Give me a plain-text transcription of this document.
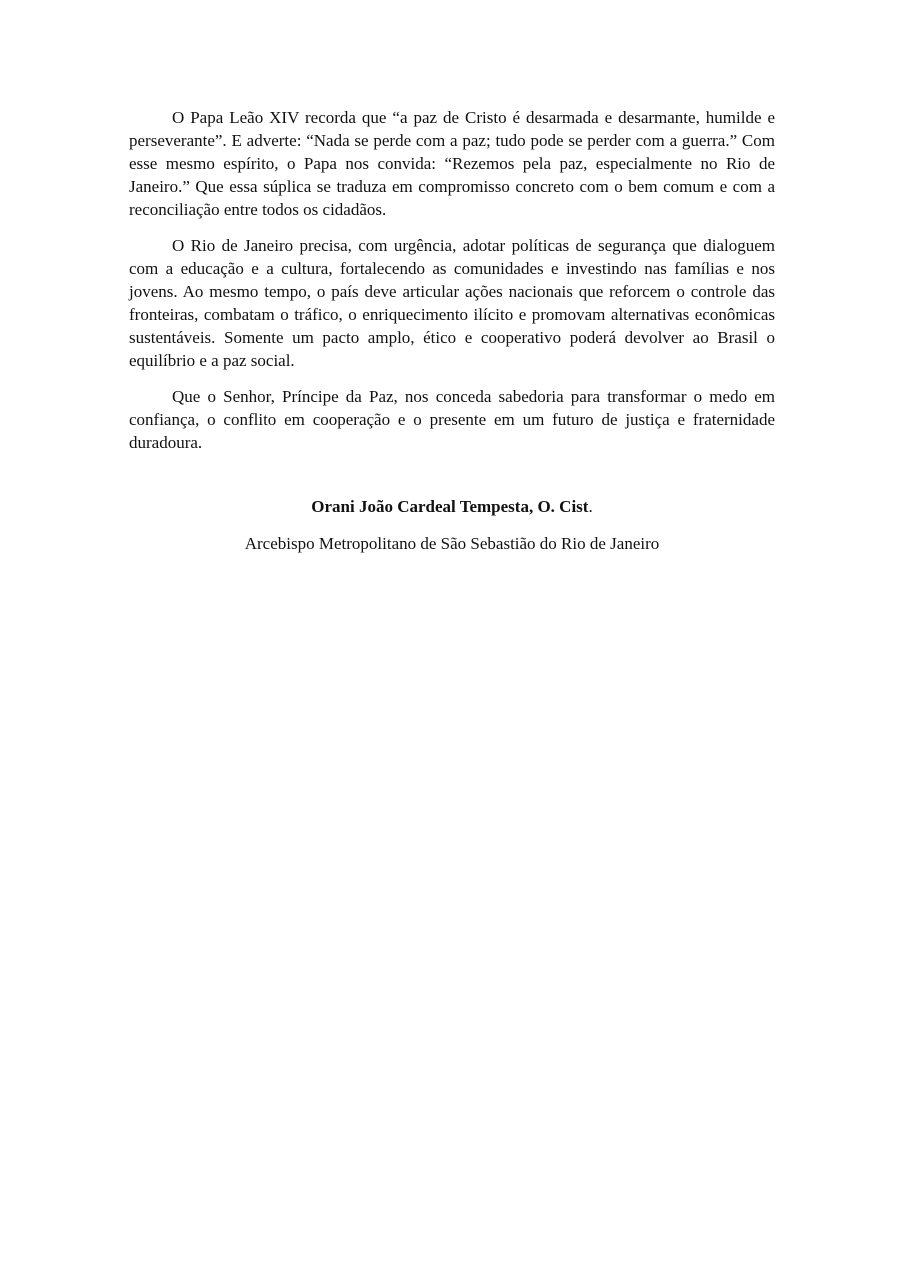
O Papa Leão XIV recorda que “a paz de Cristo é desarmada e desarmante, humilde e perseverante”. E adverte: “Nada se perde com a paz; tudo pode se perder com a guerra.” Com esse mesmo espírito, o Papa nos convida: “Rezemos pela paz, especialmente no Rio de Janeiro.” Que essa súplica se traduza em compromisso concreto com o bem comum e com a reconciliação entre todos os cidadãos.

O Rio de Janeiro precisa, com urgência, adotar políticas de segurança que dialoguem com a educação e a cultura, fortalecendo as comunidades e investindo nas famílias e nos jovens. Ao mesmo tempo, o país deve articular ações nacionais que reforcem o controle das fronteiras, combatam o tráfico, o enriquecimento ilícito e promovam alternativas econômicas sustentáveis. Somente um pacto amplo, ético e cooperativo poderá devolver ao Brasil o equilíbrio e a paz social.

Que o Senhor, Príncipe da Paz, nos conceda sabedoria para transformar o medo em confiança, o conflito em cooperação e o presente em um futuro de justiça e fraternidade duradoura.

Orani João Cardeal Tempesta, O. Cist.
Arcebispo Metropolitano de São Sebastião do Rio de Janeiro
